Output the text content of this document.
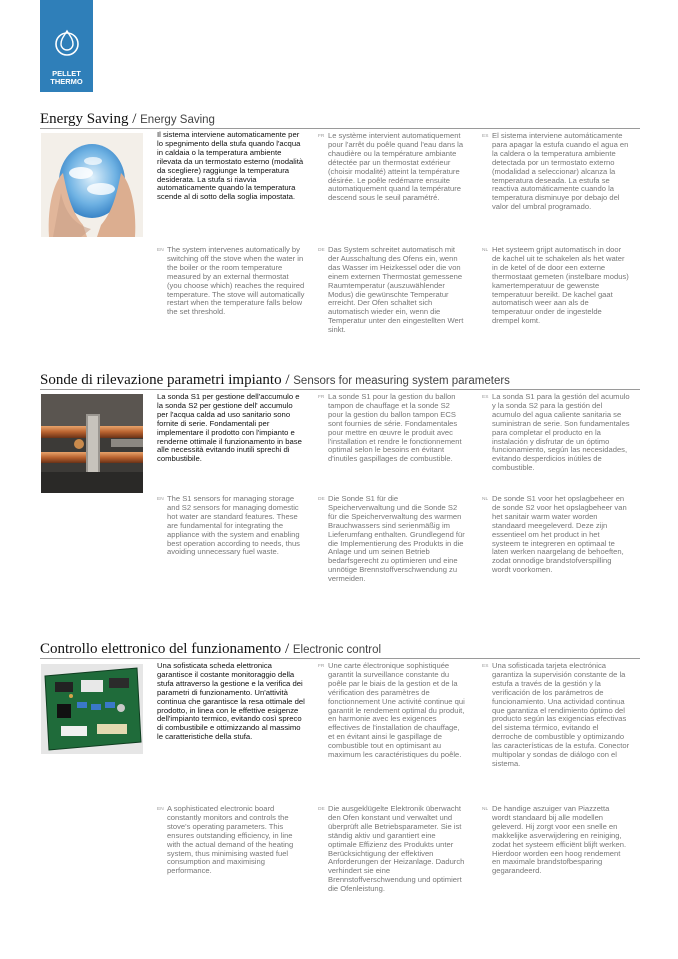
PELLET
THERMO
Energy Saving / Energy Saving
Il sistema interviene automaticamente per lo spegnimento della stufa quando l'acqua in caldaia o la temperatura ambiente rilevata da un termostato esterno (modalità da scegliere) raggiunge la temperatura desiderata. La stufa si riavvia automaticamente quando la temperatura scende al di sotto della soglia impostata.
FR Le système intervient automatiquement pour l'arrêt du poêle quand l'eau dans la chaudière ou la température ambiante détectée par un thermostat extérieur (choisir modalité) atteint la température désirée. Le poêle redémarre ensuite automatiquement quand la température descend sous le seuil paramétré.
ES El sistema interviene automáticamente para apagar la estufa cuando el agua en la caldera o la temperatura ambiente detectada por un termostato externo (modalidad a seleccionar) alcanza la temperatura deseada. La estufa se reactiva automáticamente cuando la temperatura disminuye por debajo del valor del umbral programado.
EN The system intervenes automatically by switching off the stove when the water in the boiler or the room temperature measured by an external thermostat (you choose which) reaches the required temperature. The stove will automatically restart when the temperature falls below the set threshold.
DE Das System schreitet automatisch mit der Ausschaltung des Ofens ein, wenn das Wasser im Heizkessel oder die von einem externen Thermostat gemessene Raumtemperatur (auszuwählender Modus) die gewünschte Temperatur erreicht. Der Ofen schaltet sich automatisch wieder ein, wenn die Temperatur unter den eingestellten Wert sinkt.
NL Het systeem grijpt automatisch in door de kachel uit te schakelen als het water in de ketel of de door een externe thermostaat gemeten (instelbare modus) kamertemperatuur de gewenste temperatuur bereikt. De kachel gaat automatisch weer aan als de temperatuur onder de ingestelde drempel komt.
Sonde di rilevazione parametri impianto / Sensors for measuring system parameters
La sonda S1 per gestione dell'accumulo e la sonda S2 per gestione dell' accumulo per l'acqua calda ad uso sanitario sono fornite di serie. Fondamentali per implementare il prodotto con l'impianto e renderne ottimale il funzionamento in base alle necessità evitando inutili sprechi di combustibile.
FR La sonde S1 pour la gestion du ballon tampon de chauffage et la sonde S2 pour la gestion du ballon tampon ECS sont fournies de série. Fondamentales pour mettre en œuvre le produit avec l'installation et rendre le fonctionnement optimal selon le besoins en évitant d'inutiles gaspillages de combustible.
ES La sonda S1 para la gestión del acumulo y la sonda S2 para la gestión del acumulo del agua caliente sanitaria se suministran de serie. Son fundamentales para completar el producto en la instalación y disfrutar de un óptimo funcionamiento, según las necesidades, evitando desperdicios inútiles de combustible.
EN The S1 sensors for managing storage and S2 sensors for managing domestic hot water are standard features. These are fundamental for integrating the appliance with the system and enabling best operation according to needs, thus avoiding unnecessary fuel waste.
DE Die Sonde S1 für die Speicherverwaltung und die Sonde S2 für die Speicherverwaltung des warmen Brauchwassers sind serienmäßig im Lieferumfang enthalten. Grundlegend für die Implementierung des Produkts in die Anlage und um seinen Betrieb bedarfsgerecht zu optimieren und eine unnötige Brennstoffverschwendung zu vermeiden.
NL De sonde S1 voor het opslagbeheer en de sonde S2 voor het opslagbeheer van het sanitair warm water worden standaard meegeleverd. Deze zijn essentieel om het product in het systeem te integreren en optimaal te laten werken naargelang de behoeften, zodat onnodige brandstofverspilling wordt voorkomen.
Controllo elettronico del funzionamento / Electronic control
Una sofisticata scheda elettronica garantisce il costante monitoraggio della stufa attraverso la gestione e la verifica dei parametri di funzionamento. Un'attività continua che garantisce la resa ottimale del prodotto, in linea con le effettive esigenze dell'impianto termico, evitando così spreco di combustibile e ottimizzando al massimo le caratteristiche della stufa.
FR Une carte électronique sophistiquée garantit la surveillance constante du poêle par le biais de la gestion et de la vérification des paramètres de fonctionnement Une activité continue qui garantit le rendement optimal du produit, en harmonie avec les exigences effectives de l'installation de chauffage, et en évitant ainsi le gaspillage de combustible tout en optimisant au maximum les caractéristiques du poêle.
ES Una sofisticada tarjeta electrónica garantiza la supervisión constante de la estufa a través de la gestión y la verificación de los parámetros de funcionamiento. Una actividad continua que garantiza el rendimiento óptimo del producto según las exigencias efectivas del sistema térmico, evitando el derroche de combustible y optimizando las características de la estufa. Conector multipolar y sondas de diálogo con el sistema.
EN A sophisticated electronic board constantly monitors and controls the stove's operating parameters. This ensures outstanding efficiency, in line with the actual demand of the heating system, thus minimising wasted fuel consumption and maximising performance.
DE Die ausgeklügelte Elektronik überwacht den Ofen konstant und verwaltet und überprüft alle Betriebsparameter. Sie ist ständig aktiv und garantiert eine optimale Effizienz des Produkts unter Berücksichtigung der effektiven Anforderungen der Heizanlage. Dadurch verhindert sie eine Brennstoffverschwendung und optimiert die Ofenleistung.
NL De handige aszuiger van Piazzetta wordt standaard bij alle modellen geleverd. Hij zorgt voor een snelle en makkelijke asverwijdering en reiniging, zodat het systeem efficiënt blijft werken. Hierdoor worden een hoog rendement en maximale brandstofbesparing gegarandeerd.
